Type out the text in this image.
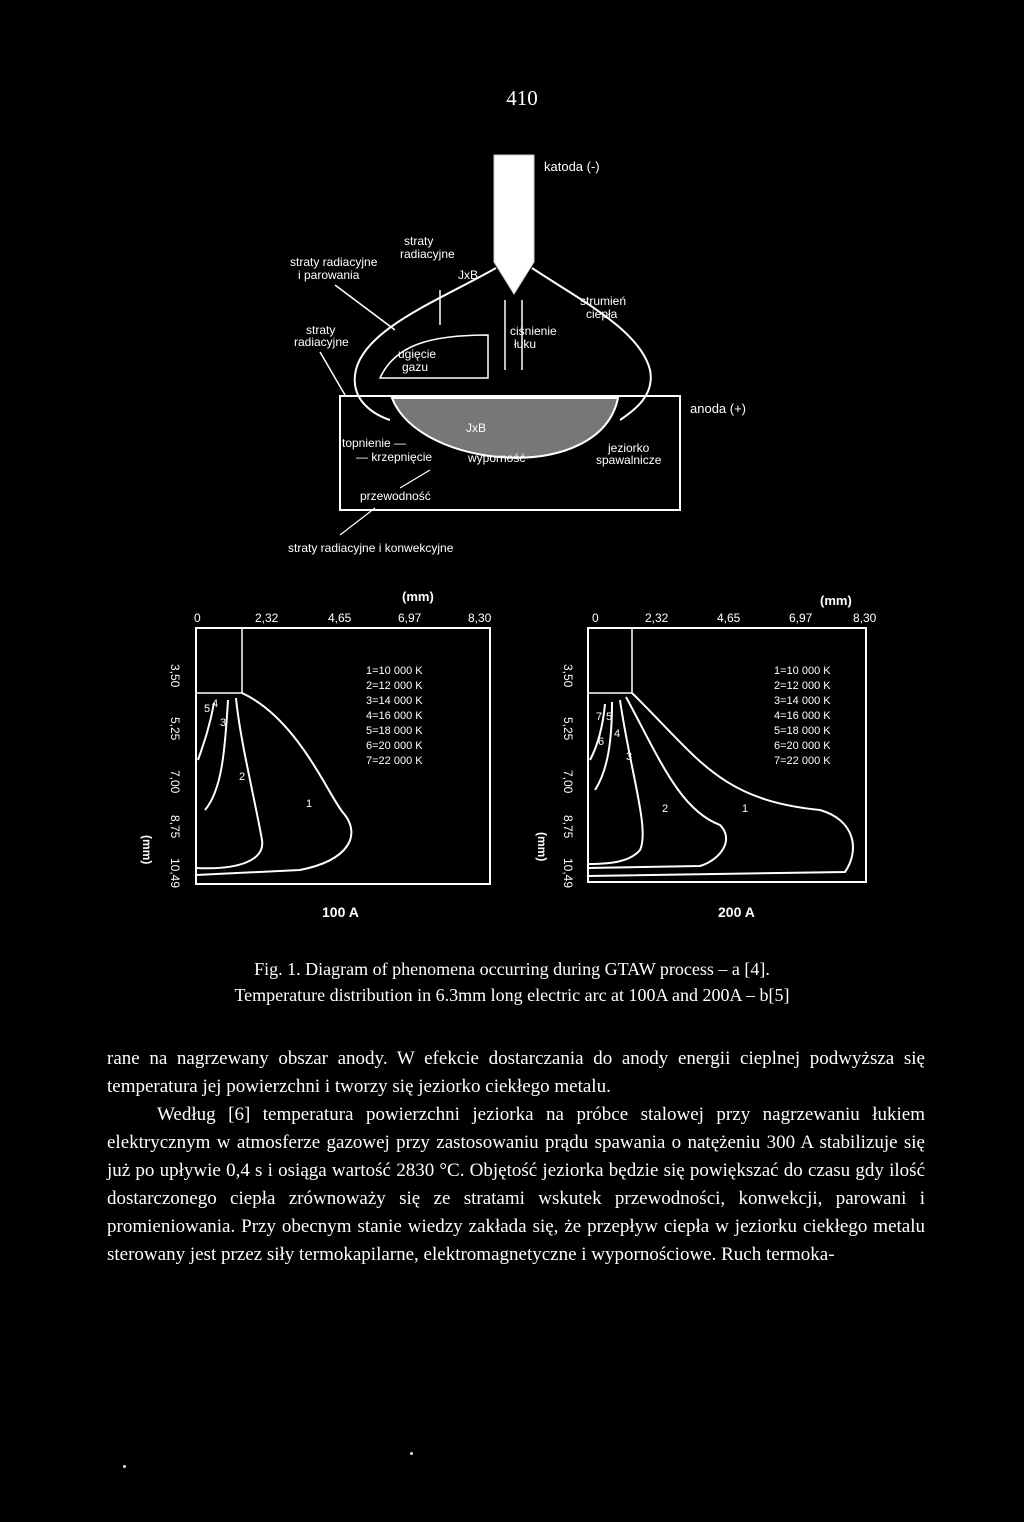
410
katoda (-)
anoda (+)
straty
radiacyjne
straty radiacyjne
i parowania
straty
radiacyjne
JxB
ugięcie
gazu
ciśnienie
łuku
strumień
ciepła
topnienie —
— krzepnięcie
JxB
wyporność
jeziorko
spawalnicze
przewodność
straty radiacyjne i konwekcyjne
(mm)
0	2,32	4,65	6,97	8,30
3,50
5,25
7,00
8,75
10,49
(mm)
5 4
3
2
1
1=10 000 K
2=12 000 K
3=14 000 K
4=16 000 K
5=18 000 K
6=20 000 K
7=22 000 K
100 A
(mm)
0	2,32	4,65	6,97	8,30
3,50
5,25
7,00
8,75
10,49
(mm)
7 5
6
4
3
2	1
1=10 000 K
2=12 000 K
3=14 000 K
4=16 000 K
5=18 000 K
6=20 000 K
7=22 000 K
200 A
Fig. 1. Diagram of phenomena occurring during GTAW process – a [4].
Temperature distribution in 6.3mm long electric arc at 100A and 200A – b[5]

rane na nagrzewany obszar anody. W efekcie dostarczania do anody energii cieplnej podwyższa się temperatura jej powierzchni i tworzy się jeziorko ciekłego metalu.

Według [6] temperatura powierzchni jeziorka na próbce stalowej przy nagrzewaniu łukiem elektrycznym w atmosferze gazowej przy zastosowaniu prądu spawania o natężeniu 300 A stabilizuje się już po upływie 0,4 s i osiąga wartość 2830 °C. Objętość jeziorka będzie się powiększać do czasu gdy ilość dostarczonego ciepła zrównoważy się ze stratami wskutek przewodności, konwekcji, parowani i promieniowania. Przy obecnym stanie wiedzy zakłada się, że przepływ ciepła w jeziorku ciekłego metalu sterowany jest przez siły termokapilarne, elektromagnetyczne i wypornościowe. Ruch termoka-
